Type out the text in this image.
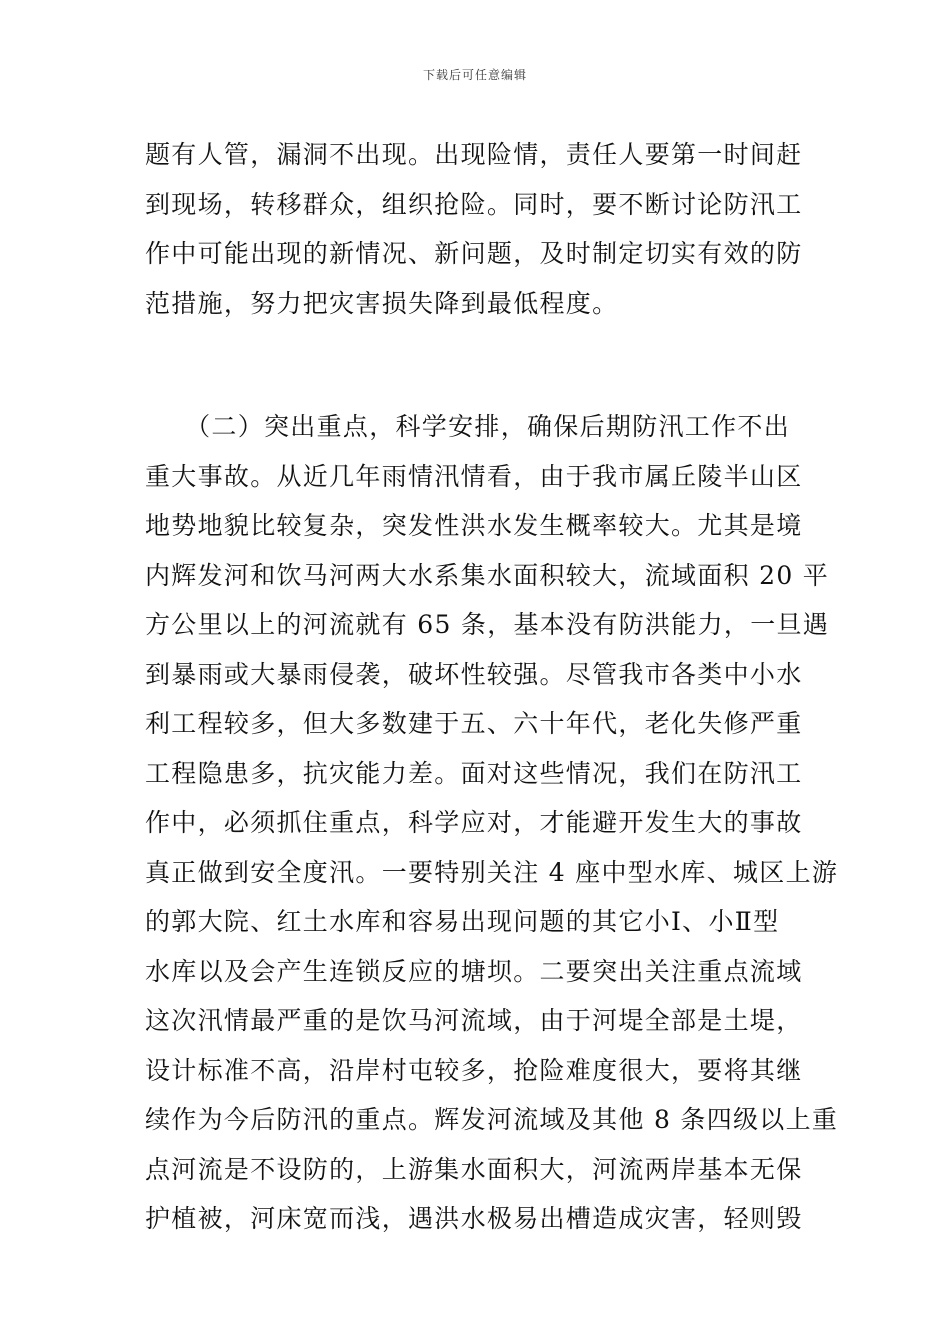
下载后可任意编辑
题有人管，漏洞不出现。出现险情，责任人要第一时间赶
到现场，转移群众，组织抢险。同时，要不断讨论防汛工
作中可能出现的新情况、新问题，及时制定切实有效的防
范措施，努力把灾害损失降到最低程度。
　　（二）突出重点，科学安排，确保后期防汛工作不出
重大事故。从近几年雨情汛情看，由于我市属丘陵半山区
地势地貌比较复杂，突发性洪水发生概率较大。尤其是境
内辉发河和饮马河两大水系集水面积较大，流域面积 20 平
方公里以上的河流就有 65 条，基本没有防洪能力，一旦遇
到暴雨或大暴雨侵袭，破坏性较强。尽管我市各类中小水
利工程较多，但大多数建于五、六十年代，老化失修严重
工程隐患多，抗灾能力差。面对这些情况，我们在防汛工
作中，必须抓住重点，科学应对，才能避开发生大的事故
真正做到安全度汛。一要特别关注 4 座中型水库、城区上游
的郭大院、红土水库和容易出现问题的其它小Ⅰ、小Ⅱ型
水库以及会产生连锁反应的塘坝。二要突出关注重点流域
这次汛情最严重的是饮马河流域，由于河堤全部是土堤，
设计标准不高，沿岸村屯较多，抢险难度很大，要将其继
续作为今后防汛的重点。辉发河流域及其他 8 条四级以上重
点河流是不设防的，上游集水面积大，河流两岸基本无保
护植被，河床宽而浅，遇洪水极易出槽造成灾害，轻则毁
